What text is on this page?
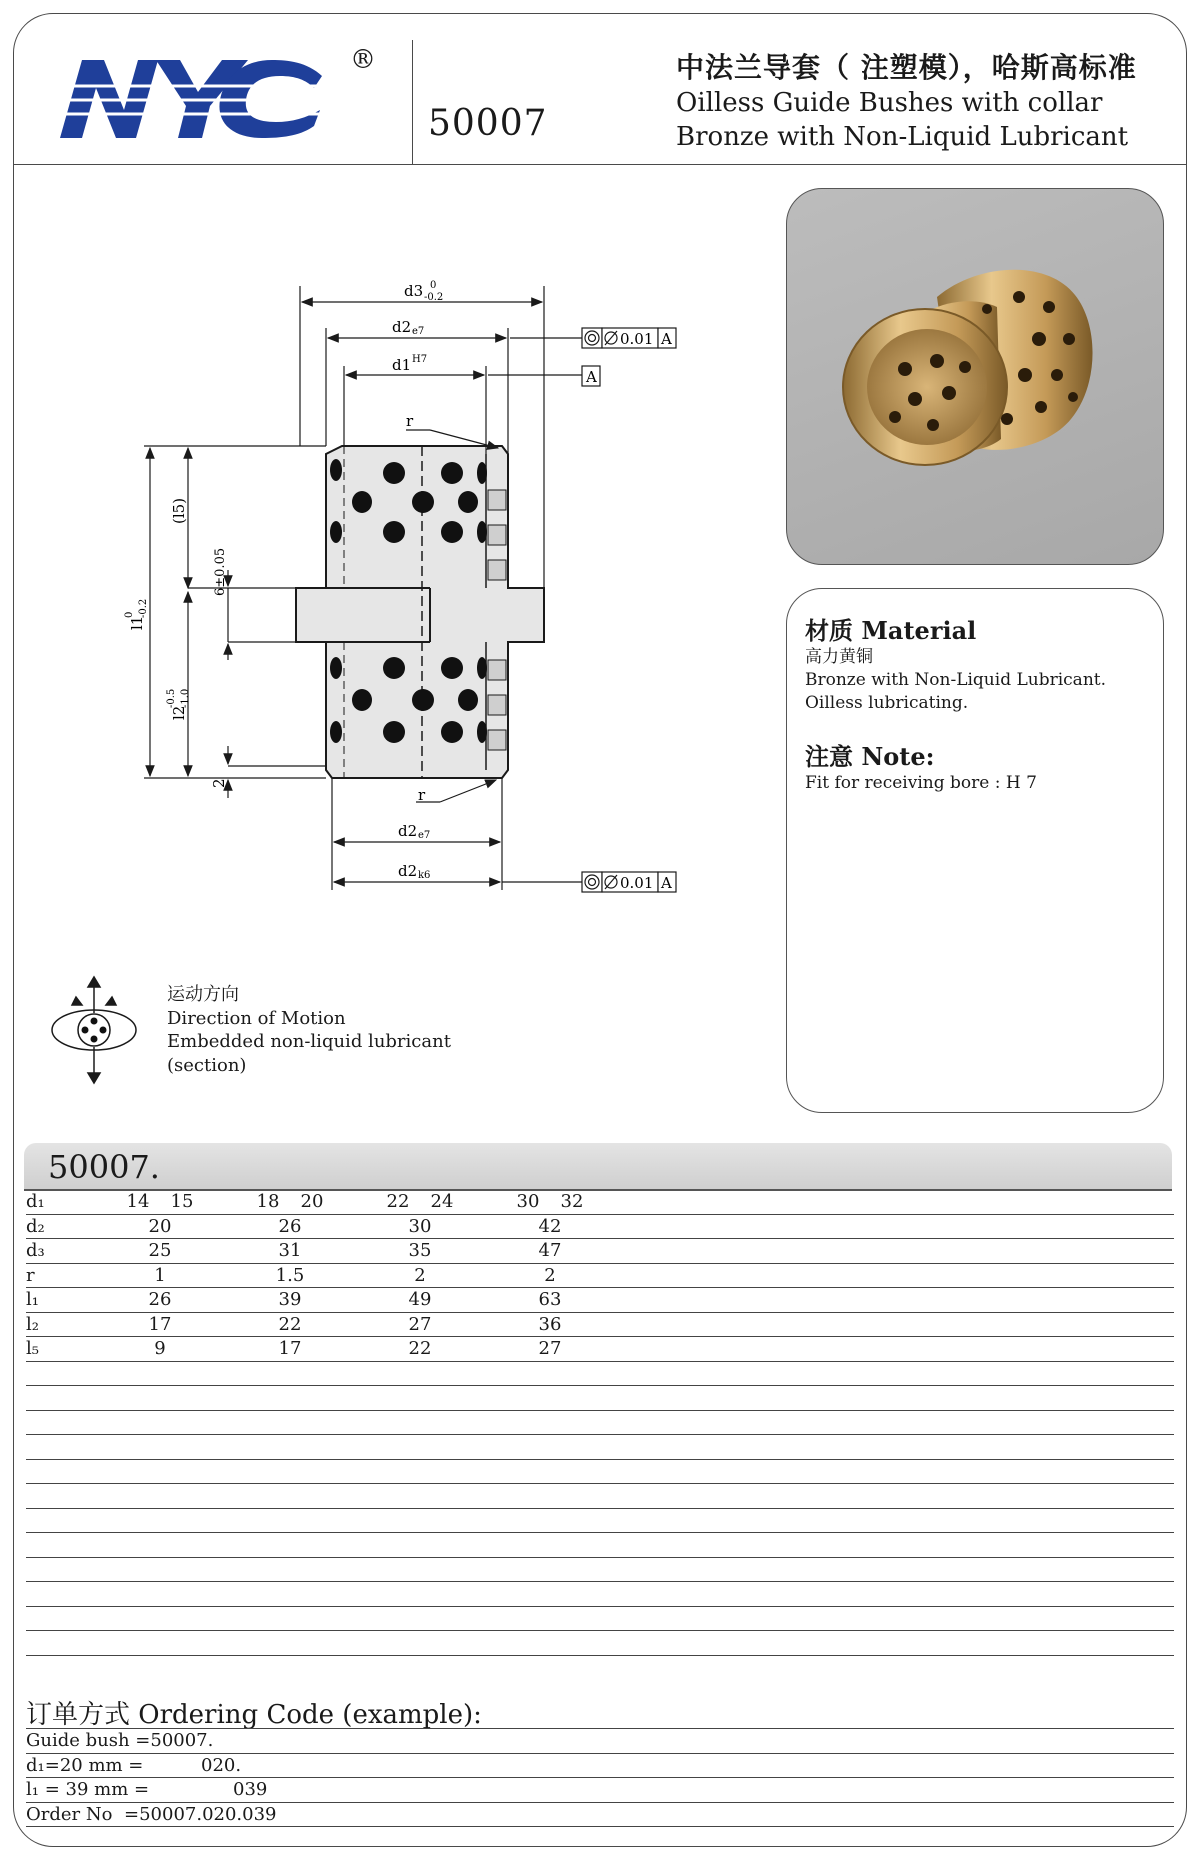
®
50007
中法兰导套（ 注塑模），哈斯高标准
Oilless Guide Bushes with collar
Bronze with Non-Liquid Lubricant
0.01
0.01
A
A
A
d3 0
-0.2
d2 e7
d1 H7
d2 e7
d2 k6
r
r
l1
0 -0.2
l2
-0.5 -1.0
(l5)
6±0.05
2
材质 Material
高力黄铜
Bronze with Non-Liquid Lubricant.
Oilless lubricating.
注意 Note:
Fit for receiving bore : H 7
运动方向
Direction of Motion
Embedded non-liquid lubricant
(section)
50007.
d₁	14	15	18	20	22	24	30	32
d₂	20	26	30	42
d₃	25	31	35	47
r	1	1.5	2	2
l₁	26	39	49	63
l₂	17	22	27	36
l₅	9	17	22	27
订单方式 Ordering Code (example):
Guide bush =50007.
d₁=20 mm =	020.
l₁ = 39 mm =	039
Order No =50007.020.039
